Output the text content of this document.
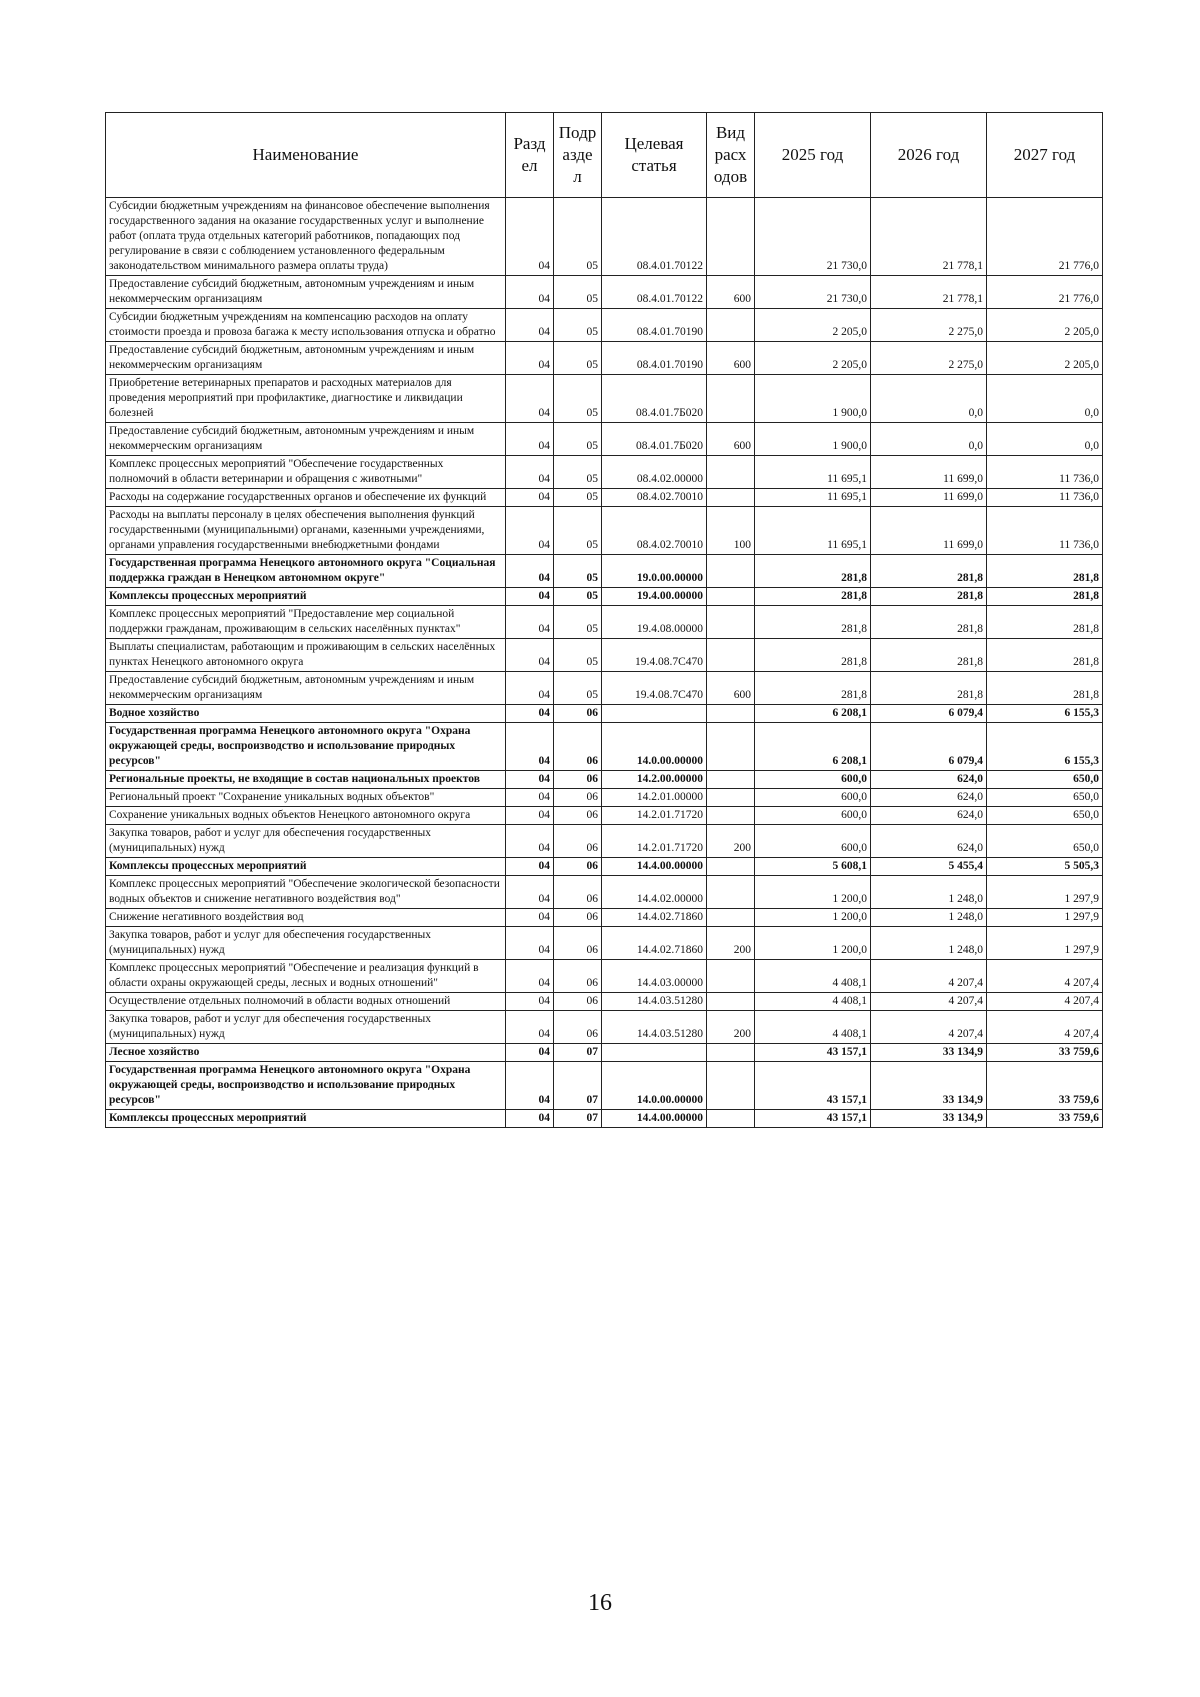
Наименование	Разд ел	Подр азде л	Целевая статья	Вид расх одов	2025 год	2026 год	2027 год
Субсидии бюджетным учреждениям на финансовое обеспечение выполнения государственного задания на оказание государственных услуг и выполнение работ (оплата труда отдельных категорий работников, попадающих под регулирование в связи с соблюдением установленного федеральным законодательством минимального размера оплаты труда)	04	05	08.4.01.70122		21 730,0	21 778,1	21 776,0
Предоставление субсидий бюджетным, автономным учреждениям и иным некоммерческим организациям	04	05	08.4.01.70122	600	21 730,0	21 778,1	21 776,0
Субсидии бюджетным учреждениям на компенсацию расходов на оплату стоимости проезда и провоза багажа к месту использования отпуска и обратно	04	05	08.4.01.70190		2 205,0	2 275,0	2 205,0
Предоставление субсидий бюджетным, автономным учреждениям и иным некоммерческим организациям	04	05	08.4.01.70190	600	2 205,0	2 275,0	2 205,0
Приобретение ветеринарных препаратов и расходных материалов для проведения мероприятий при профилактике, диагностике и ликвидации болезней	04	05	08.4.01.7Б020		1 900,0	0,0	0,0
Предоставление субсидий бюджетным, автономным учреждениям и иным некоммерческим организациям	04	05	08.4.01.7Б020	600	1 900,0	0,0	0,0
Комплекс процессных мероприятий "Обеспечение государственных полномочий в области ветеринарии и обращения с животными"	04	05	08.4.02.00000		11 695,1	11 699,0	11 736,0
Расходы на содержание государственных органов и обеспечение их функций	04	05	08.4.02.70010		11 695,1	11 699,0	11 736,0
Расходы на выплаты персоналу в целях обеспечения выполнения функций государственными (муниципальными) органами, казенными учреждениями, органами управления государственными внебюджетными фондами	04	05	08.4.02.70010	100	11 695,1	11 699,0	11 736,0
Государственная программа Ненецкого автономного округа "Социальная поддержка граждан в Ненецком автономном округе"	04	05	19.0.00.00000		281,8	281,8	281,8
Комплексы процессных мероприятий	04	05	19.4.00.00000		281,8	281,8	281,8
Комплекс процессных мероприятий "Предоставление мер социальной поддержки гражданам, проживающим в сельских населённых пунктах"	04	05	19.4.08.00000		281,8	281,8	281,8
Выплаты специалистам, работающим и проживающим в сельских населённых пунктах Ненецкого автономного округа	04	05	19.4.08.7С470		281,8	281,8	281,8
Предоставление субсидий бюджетным, автономным учреждениям и иным некоммерческим организациям	04	05	19.4.08.7С470	600	281,8	281,8	281,8
Водное хозяйство	04	06			6 208,1	6 079,4	6 155,3
Государственная программа Ненецкого автономного округа "Охрана окружающей среды, воспроизводство и использование природных ресурсов"	04	06	14.0.00.00000		6 208,1	6 079,4	6 155,3
Региональные проекты, не входящие в состав национальных проектов	04	06	14.2.00.00000		600,0	624,0	650,0
Региональный проект "Сохранение уникальных водных объектов"	04	06	14.2.01.00000		600,0	624,0	650,0
Сохранение уникальных водных объектов Ненецкого автономного округа	04	06	14.2.01.71720		600,0	624,0	650,0
Закупка товаров, работ и услуг для обеспечения государственных (муниципальных) нужд	04	06	14.2.01.71720	200	600,0	624,0	650,0
Комплексы процессных мероприятий	04	06	14.4.00.00000		5 608,1	5 455,4	5 505,3
Комплекс процессных мероприятий "Обеспечение экологической безопасности водных объектов и снижение негативного воздействия вод"	04	06	14.4.02.00000		1 200,0	1 248,0	1 297,9
Снижение негативного воздействия вод	04	06	14.4.02.71860		1 200,0	1 248,0	1 297,9
Закупка товаров, работ и услуг для обеспечения государственных (муниципальных) нужд	04	06	14.4.02.71860	200	1 200,0	1 248,0	1 297,9
Комплекс процессных мероприятий "Обеспечение и реализация функций в области охраны окружающей среды, лесных и водных отношений"	04	06	14.4.03.00000		4 408,1	4 207,4	4 207,4
Осуществление отдельных полномочий в области водных отношений	04	06	14.4.03.51280		4 408,1	4 207,4	4 207,4
Закупка товаров, работ и услуг для обеспечения государственных (муниципальных) нужд	04	06	14.4.03.51280	200	4 408,1	4 207,4	4 207,4
Лесное хозяйство	04	07			43 157,1	33 134,9	33 759,6
Государственная программа Ненецкого автономного округа "Охрана окружающей среды, воспроизводство и использование природных ресурсов"	04	07	14.0.00.00000		43 157,1	33 134,9	33 759,6
Комплексы процессных мероприятий	04	07	14.4.00.00000		43 157,1	33 134,9	33 759,6
16
